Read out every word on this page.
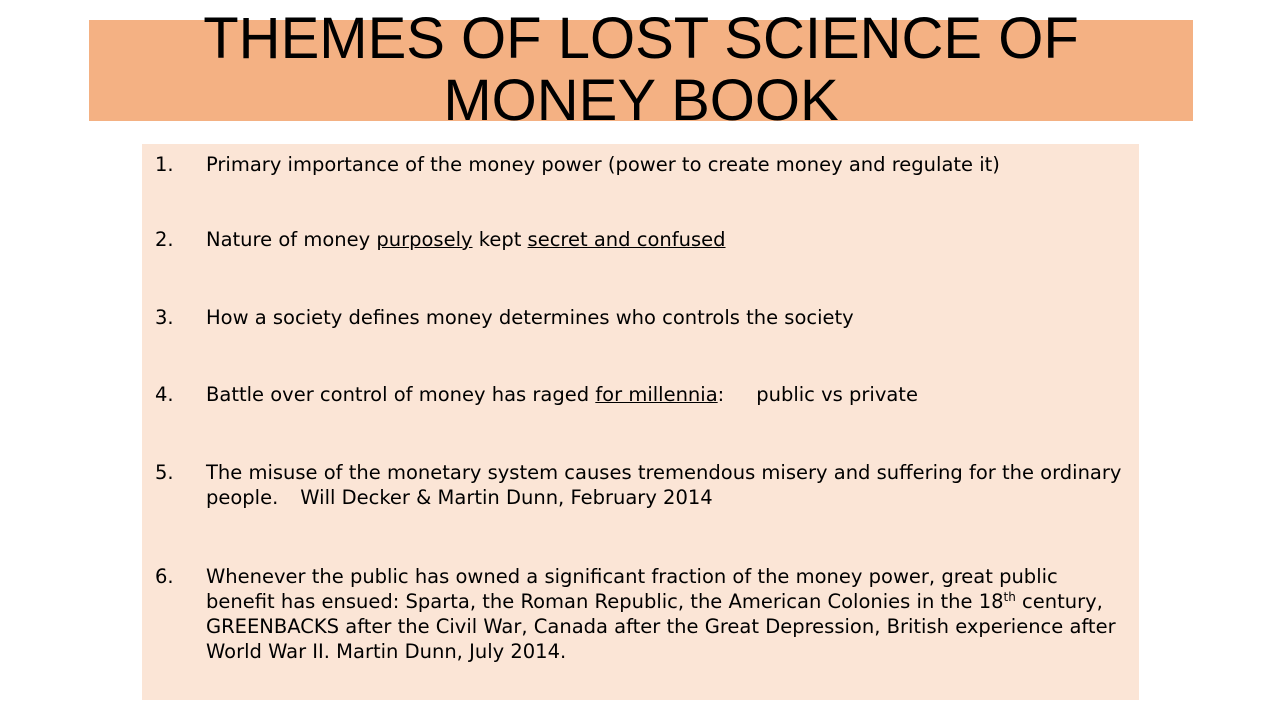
THEMES OF LOST SCIENCE OF MONEY BOOK
1.	Primary importance of the money power (power to create money and regulate it)
2.	Nature of money purposely kept secret and confused
3.	How a society defines money determines who controls the society
4.	Battle over control of money has raged for millennia: public vs private
5.	The misuse of the monetary system causes tremendous misery and suffering for the ordinary people. Will Decker & Martin Dunn, February 2014
6.	Whenever the public has owned a significant fraction of the money power, great public benefit has ensued: Sparta, the Roman Republic, the American Colonies in the 18th century, GREENBACKS after the Civil War, Canada after the Great Depression, British experience after World War II. Martin Dunn, July 2014.
